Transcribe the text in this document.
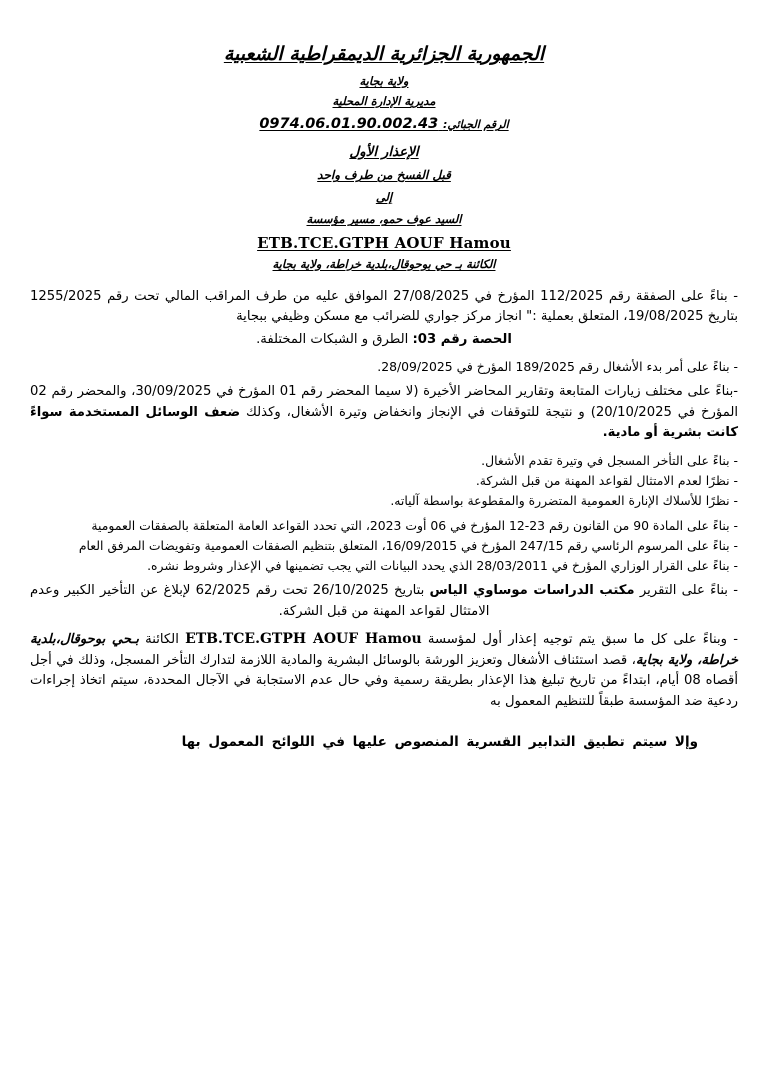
الجمهورية الجزائرية الديمقراطية الشعبية
ولاية بجاية
مديرية الإدارة المحلية
الرقم الجبائي: 0974.06.01.90.002.43
الإعذار الأول
قبل الفسخ من طرف واحد
إلى
السيد عوف حمو، مسير مؤسسة
ETB.TCE.GTPH AOUF Hamou
الكائنة بـ حي بوحوقال،بلدية خراطة، ولاية بجاية

- بناءً على الصفقة رقم 112/2025 المؤرخ في 27/08/2025 الموافق عليه من طرف المراقب المالي تحت رقم 1255/2025 بتاريخ 19/08/2025، المتعلق بعملية :" انجاز مركز جواري للضرائب مع مسكن وظيفي ببجاية

الحصة رقم 03: الطرق و الشبكات المختلفة.

- بناءً على أمر بدء الأشغال رقم 189/2025 المؤرخ في 28/09/2025.

-بناءً على مختلف زيارات المتابعة وتقارير المحاضر الأخيرة (لا سيما المحضر رقم 01 المؤرخ في 30/09/2025، والمحضر رقم 02 المؤرخ في 20/10/2025) و نتيجة للتوقفات في الإنجاز وانخفاض وتيرة الأشغال، وكذلك ضعف الوسائل المستخدمة سواءً كانت بشرية أو مادية.

- بناءً على التأخر المسجل في وتيرة تقدم الأشغال.

- نظرًا لعدم الامتثال لقواعد المهنة من قبل الشركة.

- نظرًا للأسلاك الإنارة العمومية المتضررة والمقطوعة بواسطة آلياته.

- بناءً على المادة 90 من القانون رقم 23-12 المؤرخ في 06 أوت 2023، التي تحدد القواعد العامة المتعلقة بالصفقات العمومية

- بناءً على المرسوم الرئاسي رقم 247/15 المؤرخ في 16/09/2015، المتعلق بتنظيم الصفقات العمومية وتفويضات المرفق العام

- بناءً على القرار الوزاري المؤرخ في 28/03/2011 الذي يحدد البيانات التي يجب تضمينها في الإعذار وشروط نشره.

- بناءً على التقرير مكتب الدراسات موساوي الياس بتاريخ 26/10/2025 تحت رقم 62/2025 لإبلاغ عن التأخير الكبير وعدم الامتثال لقواعد المهنة من قبل الشركة.

- وبناءً على كل ما سبق يتم توجيه إعذار أول لمؤسسة ETB.TCE.GTPH AOUF Hamou الكائنة بـحي بوحوقال،بلدية خراطة، ولاية بجاية، قصد استئناف الأشغال وتعزيز الورشة بالوسائل البشرية والمادية اللازمة لتدارك التأخر المسجل، وذلك في أجل أقصاه 08 أيام، ابتداءً من تاريخ تبليغ هذا الإعذار بطريقة رسمية وفي حال عدم الاستجابة في الآجال المحددة، سيتم اتخاذ إجراءات ردعية ضد المؤسسة طبقاً للتنظيم المعمول به

وإلا سيتم تطبيق التدابير القسرية المنصوص عليها في اللوائح المعمول بها
